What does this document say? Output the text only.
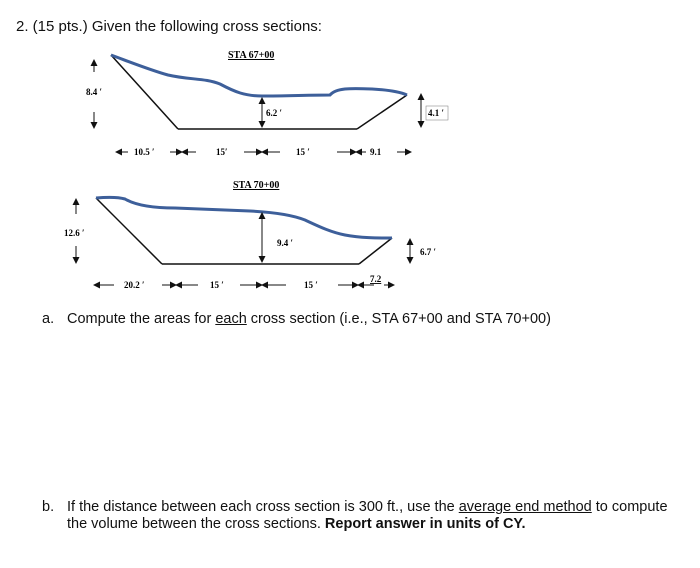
2. (15 pts.) Given the following cross sections:
STA 67+00
6.2 ′
8.4 ′
4.1 ′
10.5 ′	15′	15 ′	9.1
STA 70+00
9.4 ′
12.6 ′
6.7 ′
20.2 ′	15 ′	15 ′
7.2
a. Compute the areas for each cross section (i.e., STA 67+00 and STA 70+00)
b. If the distance between each cross section is 300 ft., use the average end method to compute
the volume between the cross sections. Report answer in units of CY.
